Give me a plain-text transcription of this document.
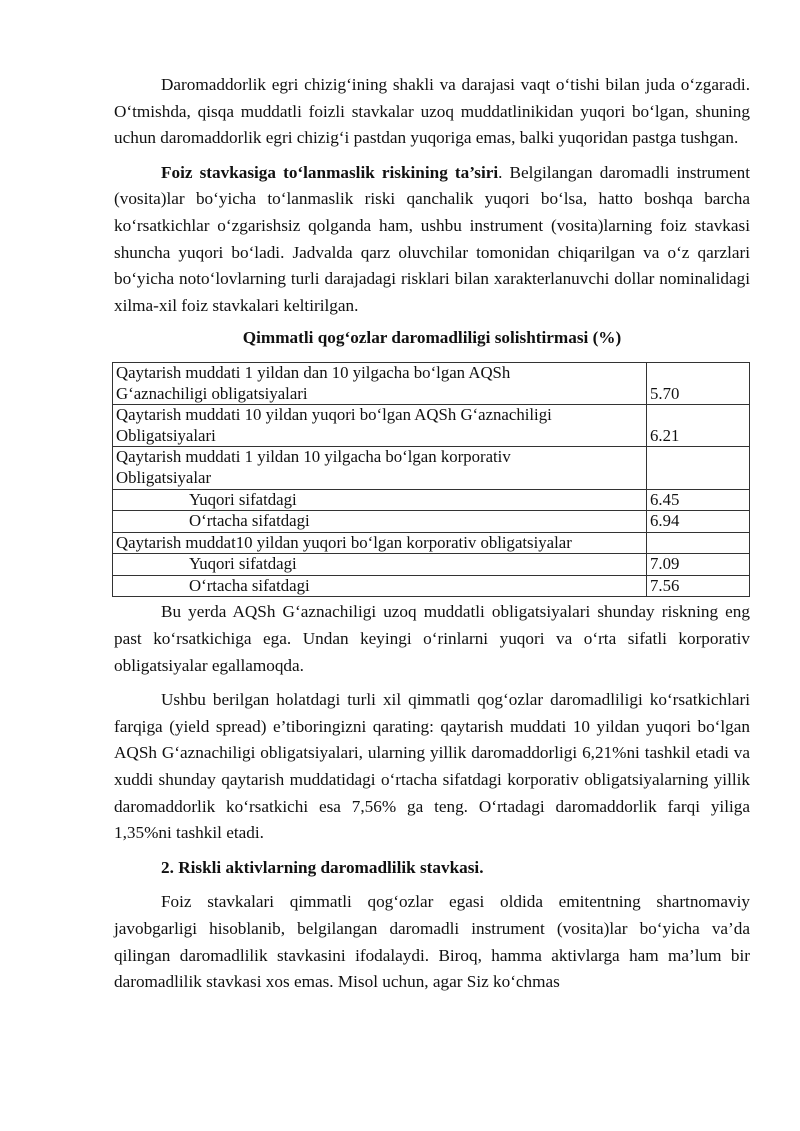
Daromaddorlik egri chizig‘ining shakli va darajasi vaqt o‘tishi bilan juda o‘zgaradi. O‘tmishda, qisqa muddatli foizli stavkalar uzoq muddatlinikidan yuqori bo‘lgan, shuning uchun daromaddorlik egri chizig‘i pastdan yuqoriga emas, balki yuqoridan pastga tushgan.

Foiz stavkasiga to‘lanmaslik riskining ta’siri. Belgilangan daromadli instrument (vosita)lar bo‘yicha to‘lanmaslik riski qanchalik yuqori bo‘lsa, hatto boshqa barcha ko‘rsatkichlar o‘zgarishsiz qolganda ham, ushbu instrument (vosita)larning foiz stavkasi shuncha yuqori bo‘ladi. Jadvalda qarz oluvchilar tomonidan chiqarilgan va o‘z qarzlari bo‘yicha noto‘lovlarning turli darajadagi risklari bilan xarakterlanuvchi dollar nominalidagi xilma-xil foiz stavkalari keltirilgan.

Qimmatli qog‘ozlar daromadliligi solishtirmasi (%)

Qaytarish muddati 1 yildan dan 10 yilgacha bo‘lgan AQSh
G‘aznachiligi obligatsiyalari	5.70
Qaytarish muddati 10 yildan yuqori bo‘lgan AQSh G‘aznachiligi
Obligatsiyalari	6.21
Qaytarish muddati 1 yildan 10 yilgacha bo‘lgan korporativ
Obligatsiyalar	
Yuqori sifatdagi	6.45
O‘rtacha sifatdagi	6.94
Qaytarish muddat10 yildan yuqori bo‘lgan korporativ obligatsiyalar	
Yuqori sifatdagi	7.09
O‘rtacha sifatdagi	7.56

Bu yerda AQSh G‘aznachiligi uzoq muddatli obligatsiyalari shunday riskning eng past ko‘rsatkichiga ega. Undan keyingi o‘rinlarni yuqori va o‘rta sifatli korporativ obligatsiyalar egallamoqda.

Ushbu berilgan holatdagi turli xil qimmatli qog‘ozlar daromadliligi ko‘rsatkichlari farqiga (yield spread) e’tiboringizni qarating: qaytarish muddati 10 yildan yuqori bo‘lgan AQSh G‘aznachiligi obligatsiyalari, ularning yillik daromaddorligi 6,21%ni tashkil etadi va xuddi shunday qaytarish muddatidagi o‘rtacha sifatdagi korporativ obligatsiyalarning yillik daromaddorlik ko‘rsatkichi esa 7,56% ga teng. O‘rtadagi daromaddorlik farqi yiliga 1,35%ni tashkil etadi.

2. Riskli aktivlarning daromadlilik stavkasi.

Foiz stavkalari qimmatli qog‘ozlar egasi oldida emitentning shartnomaviy javobgarligi hisoblanib, belgilangan daromadli instrument (vosita)lar bo‘yicha va’da qilingan daromadlilik stavkasini ifodalaydi. Biroq, hamma aktivlarga ham ma’lum bir daromadlilik stavkasi xos emas. Misol uchun, agar Siz ko‘chmas
